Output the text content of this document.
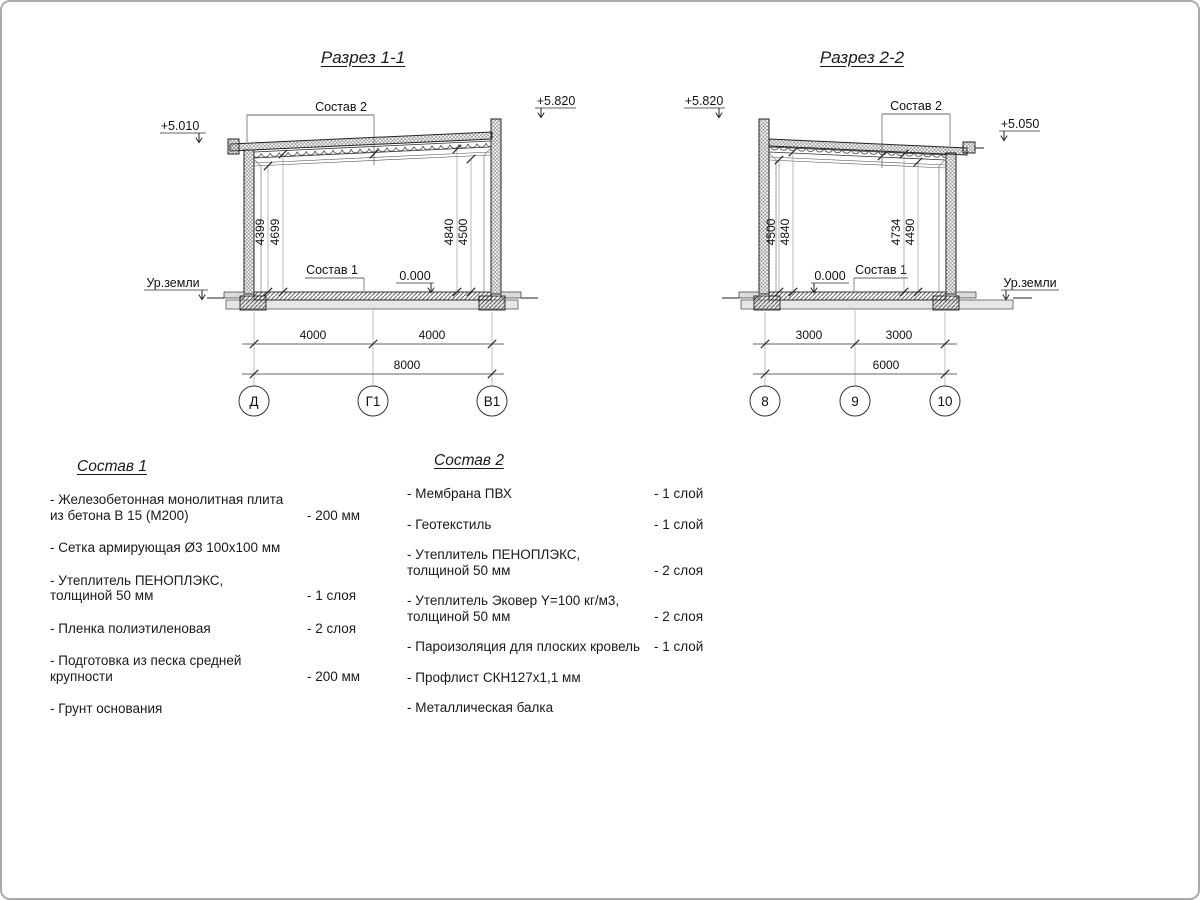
Разрез 1-1	Разрез 2-2
Состав 2
Состав 1	0.000
Ур.земли
+5.010
+5.820
4399 4699	4840 4500
4000	4000
8000
Д	Г1	В1
Состав 2
Состав 1
0.000	Ур.земли
+5.820
+5.050
4500 4840	4734 4490
3000	3000
6000
8	9	10
Состав 1
- Железобетонная монолитная плита
из бетона В 15 (М200)	- 200 мм
- Сетка армирующая Ø3 100х100 мм
- Утеплитель ПЕНОПЛЭКС,
толщиной 50 мм	- 1 слоя
- Пленка полиэтиленовая	- 2 слоя
- Подготовка из песка средней
крупности	- 200 мм
- Грунт основания
Состав 2
- Мембрана ПВХ	- 1 слой
- Геотекстиль	- 1 слой
- Утеплитель ПЕНОПЛЭКС,
толщиной 50 мм	- 2 слоя
- Утеплитель Эковер Y=100 кг/м3,
толщиной 50 мм	- 2 слоя
- Пароизоляция для плоских кровель	- 1 слой
- Профлист СКН127х1,1 мм
- Металлическая балка
